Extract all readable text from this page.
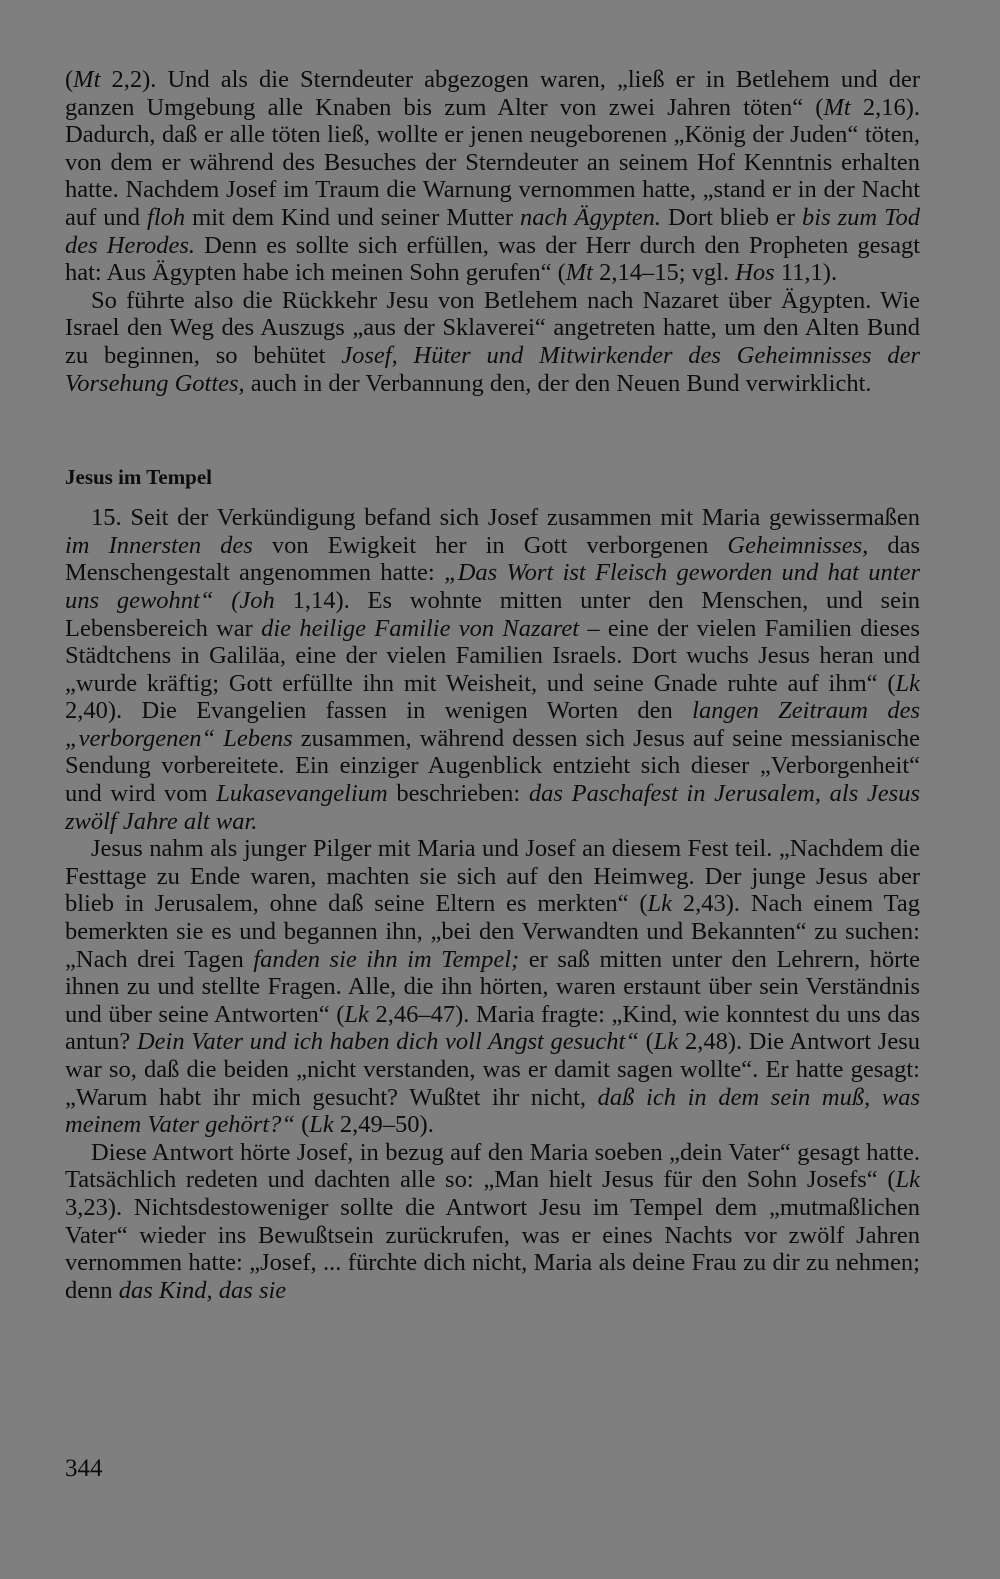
(Mt 2,2). Und als die Sterndeuter abgezogen waren, „ließ er in Betlehem und der ganzen Umgebung alle Knaben bis zum Alter von zwei Jahren töten“ (Mt 2,16). Dadurch, daß er alle töten ließ, wollte er jenen neugeborenen „König der Juden“ töten, von dem er während des Besuches der Sterndeuter an seinem Hof Kenntnis erhalten hatte. Nachdem Josef im Traum die Warnung vernommen hatte, „stand er in der Nacht auf und floh mit dem Kind und seiner Mutter nach Ägypten. Dort blieb er bis zum Tod des Herodes. Denn es sollte sich erfüllen, was der Herr durch den Propheten gesagt hat: Aus Ägypten habe ich meinen Sohn gerufen“ (Mt 2,14–15; vgl. Hos 11,1).

So führte also die Rückkehr Jesu von Betlehem nach Nazaret über Ägypten. Wie Israel den Weg des Auszugs „aus der Sklaverei“ angetreten hatte, um den Alten Bund zu beginnen, so behütet Josef, Hüter und Mitwirkender des Geheimnisses der Vorsehung Gottes, auch in der Verbannung den, der den Neuen Bund verwirklicht.

Jesus im Tempel

15. Seit der Verkündigung befand sich Josef zusammen mit Maria gewissermaßen im Innersten des von Ewigkeit her in Gott verborgenen Geheimnisses, das Menschengestalt angenommen hatte: „Das Wort ist Fleisch geworden und hat unter uns gewohnt“ (Joh 1,14). Es wohnte mitten unter den Menschen, und sein Lebensbereich war die heilige Familie von Nazaret – eine der vielen Familien dieses Städtchens in Galiläa, eine der vielen Familien Israels. Dort wuchs Jesus heran und „wurde kräftig; Gott erfüllte ihn mit Weisheit, und seine Gnade ruhte auf ihm“ (Lk 2,40). Die Evangelien fassen in wenigen Worten den langen Zeitraum des „verborgenen“ Lebens zusammen, während dessen sich Jesus auf seine messianische Sendung vorbereitete. Ein einziger Augenblick entzieht sich dieser „Verborgenheit“ und wird vom Lukasevangelium beschrieben: das Paschafest in Jerusalem, als Jesus zwölf Jahre alt war.

Jesus nahm als junger Pilger mit Maria und Josef an diesem Fest teil. „Nachdem die Festtage zu Ende waren, machten sie sich auf den Heimweg. Der junge Jesus aber blieb in Jerusalem, ohne daß seine Eltern es merkten“ (Lk 2,43). Nach einem Tag bemerkten sie es und begannen ihn, „bei den Verwandten und Bekannten“ zu suchen: „Nach drei Tagen fanden sie ihn im Tempel; er saß mitten unter den Lehrern, hörte ihnen zu und stellte Fragen. Alle, die ihn hörten, waren erstaunt über sein Verständnis und über seine Antworten“ (Lk 2,46–47). Maria fragte: „Kind, wie konntest du uns das antun? Dein Vater und ich haben dich voll Angst gesucht“ (Lk 2,48). Die Antwort Jesu war so, daß die beiden „nicht verstanden, was er damit sagen wollte“. Er hatte gesagt: „Warum habt ihr mich gesucht? Wußtet ihr nicht, daß ich in dem sein muß, was meinem Vater gehört?“ (Lk 2,49–50).

Diese Antwort hörte Josef, in bezug auf den Maria soeben „dein Vater“ gesagt hatte. Tatsächlich redeten und dachten alle so: „Man hielt Jesus für den Sohn Josefs“ (Lk 3,23). Nichtsdestoweniger sollte die Antwort Jesu im Tempel dem „mutmaßlichen Vater“ wieder ins Bewußtsein zurückrufen, was er eines Nachts vor zwölf Jahren vernommen hatte: „Josef, ... fürchte dich nicht, Maria als deine Frau zu dir zu nehmen; denn das Kind, das sie

344
